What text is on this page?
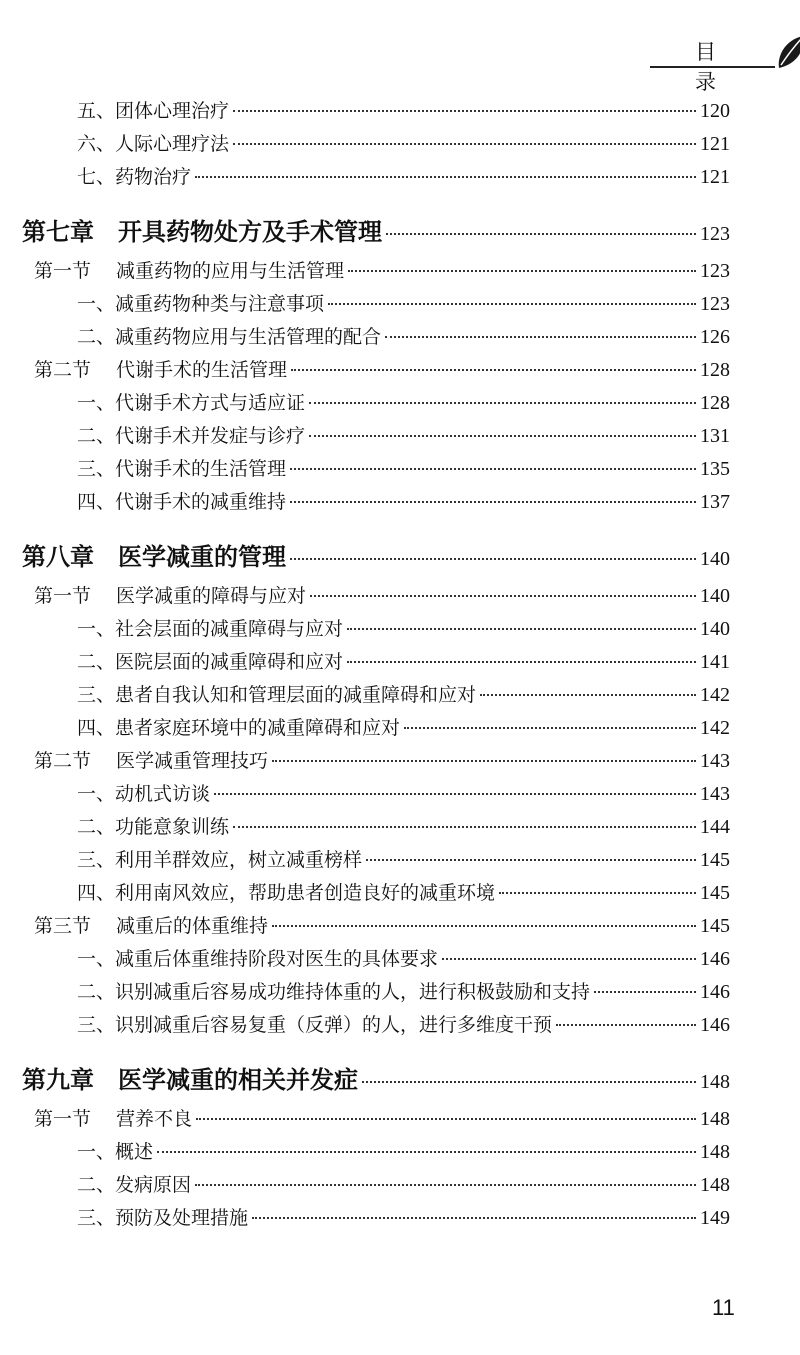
目录
五、团体心理治疗	120
六、人际心理疗法	121
七、药物治疗	121
第七章 开具药物处方及手术管理	123
第一节 减重药物的应用与生活管理	123
一、减重药物种类与注意事项	123
二、减重药物应用与生活管理的配合	126
第二节 代谢手术的生活管理	128
一、代谢手术方式与适应证	128
二、代谢手术并发症与诊疗	131
三、代谢手术的生活管理	135
四、代谢手术的减重维持	137
第八章 医学减重的管理	140
第一节 医学减重的障碍与应对	140
一、社会层面的减重障碍与应对	140
二、医院层面的减重障碍和应对	141
三、患者自我认知和管理层面的减重障碍和应对	142
四、患者家庭环境中的减重障碍和应对	142
第二节 医学减重管理技巧	143
一、动机式访谈	143
二、功能意象训练	144
三、利用羊群效应，树立减重榜样	145
四、利用南风效应，帮助患者创造良好的减重环境	145
第三节 减重后的体重维持	145
一、减重后体重维持阶段对医生的具体要求	146
二、识别减重后容易成功维持体重的人，进行积极鼓励和支持	146
三、识别减重后容易复重（反弹）的人，进行多维度干预	146
第九章 医学减重的相关并发症	148
第一节 营养不良	148
一、概述	148
二、发病原因	148
三、预防及处理措施	149
11
